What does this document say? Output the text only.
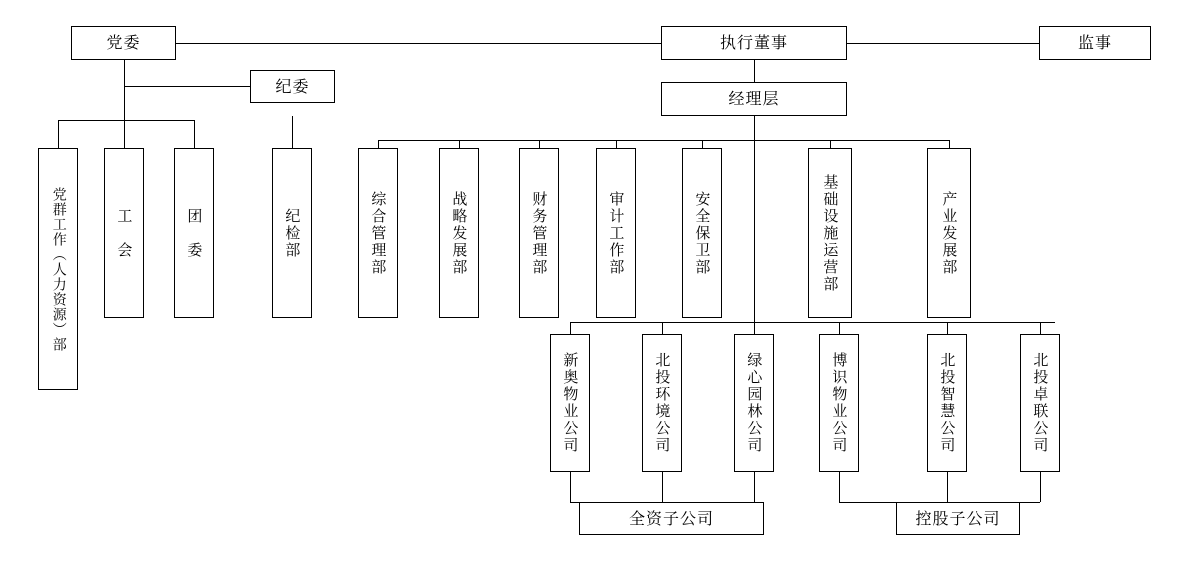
党委	执行董事	监事
纪委
经理层
党群工作（人力资源）部	工　会	团　委	纪检部	综合管理部	战略发展部	财务管理部	审计工作部	安全保卫部	基础设施运营部	产业发展部
新奥物业公司	北投环境公司	绿心园林公司	博识物业公司	北投智慧公司	北投卓联公司
全资子公司	控股子公司
